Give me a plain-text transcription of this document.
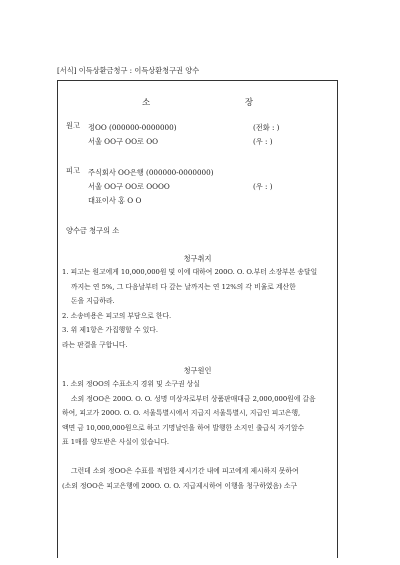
[서식] 이득상환금청구 : 이득상환청구권 양수
소 장
원고	정OO (000000-0000000)	(전화 : )
서울 OO구 OO로 OO	(우 : )
피고	주식회사 OO은행 (000000-0000000)
서울 OO구 OO로 OOOO	(우 : )
대표이사 홍 O O
양수금 청구의 소
청구취지
1. 피고는 원고에게 10,000,000원 및 이에 대하여 200O. O. O.부터 소장부본 송달일
까지는 연 5%, 그 다음날부터 다 갚는 날까지는 연 12%의 각 비율로 계산한
돈을 지급하라.
2. 소송비용은 피고의 부담으로 한다.
3. 위 제1항은 가집행할 수 있다.
라는 판결을 구합니다.
청구원인
1. 소외 정OO의 수표소지 경위 및 소구권 상실
소외 정OO은 200O. O. O. 성명 미상자로부터 상품판매대금 2,000,000원에 갈음
하여, 피고가 200O. O. O. 서울특별시에서 지급지 서울특별시, 지급인 피고은행,
액면 금 10,000,000원으로 하고 기명날인을 하여 발행한 소지인 출급식 자기앞수
표 1매를 양도받은 사실이 있습니다.

그런데 소외 정OO은 수표를 적법한 제시기간 내에 피고에게 제시하지 못하여
(소외 정OO은 피고은행에 200O. O. O. 지급제시하여 이행을 청구하였음) 소구
